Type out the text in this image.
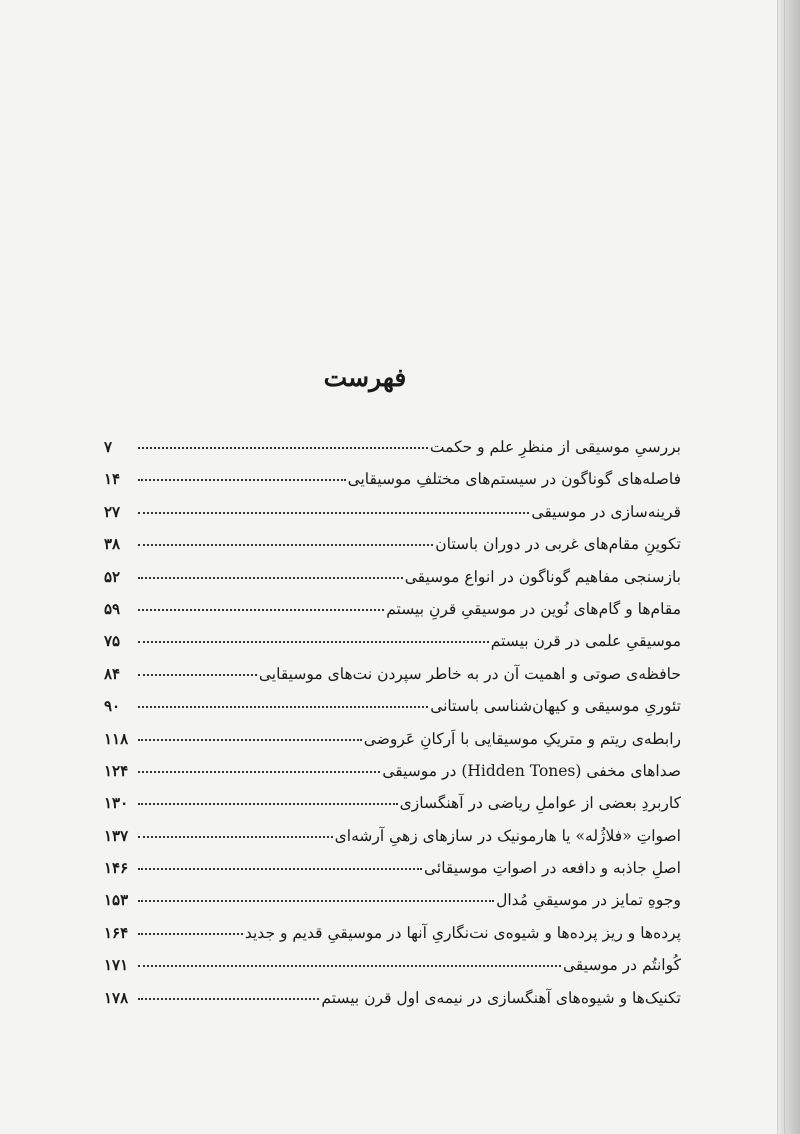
فهرست
بررسیِ موسیقی از منظرِ علم و حکمت
۷
فاصله‌های گوناگون در سیستم‌های مختلفِ موسیقایی
۱۴
قرینه‌سازی در موسیقی
۲۷
تکوینِ مقام‌های غربی در دوران باستان
۳۸
بازسنجی مفاهیم گوناگون در انواع موسیقی
۵۲
مقام‌ها و گام‌های نُوین در موسیقیِ قرنِ بیستم
۵۹
موسیقیِ علمی در قرن بیستم
۷۵
حافظه‌ی صوتی و اهمیت آن در به خاطر سپردن نت‌های موسیقایی
۸۴
تئوریِ موسیقی و کیهان‌شناسی باستانی
۹۰
رابطه‌ی ریتم و متریکِ موسیقایی با اَرکانِ عَروضی
۱۱۸
صداهای مخفی (Hidden Tones) در موسیقی
۱۲۴
کاربردِ بعضی از عواملِ ریاضی در آهنگسازی
۱۳۰
اصواتِ «فلاژُله» یا هارمونیک در سازهای زهیِ آرشه‌ای
۱۳۷
اصلِ جاذبه و دافعه در اصواتِ موسیقائی
۱۴۶
وجوهِ تمایز در موسیقیِ مُدال
۱۵۳
پرده‌ها و ریز پرده‌ها و شیوه‌ی نت‌نگاریِ آنها در موسیقیِ قدیم و جدید
۱۶۴
کُوانتُم در موسیقی
۱۷۱
تکنیک‌ها و شیوه‌های آهنگسازی در نیمه‌ی اول قرن بیستم
۱۷۸
